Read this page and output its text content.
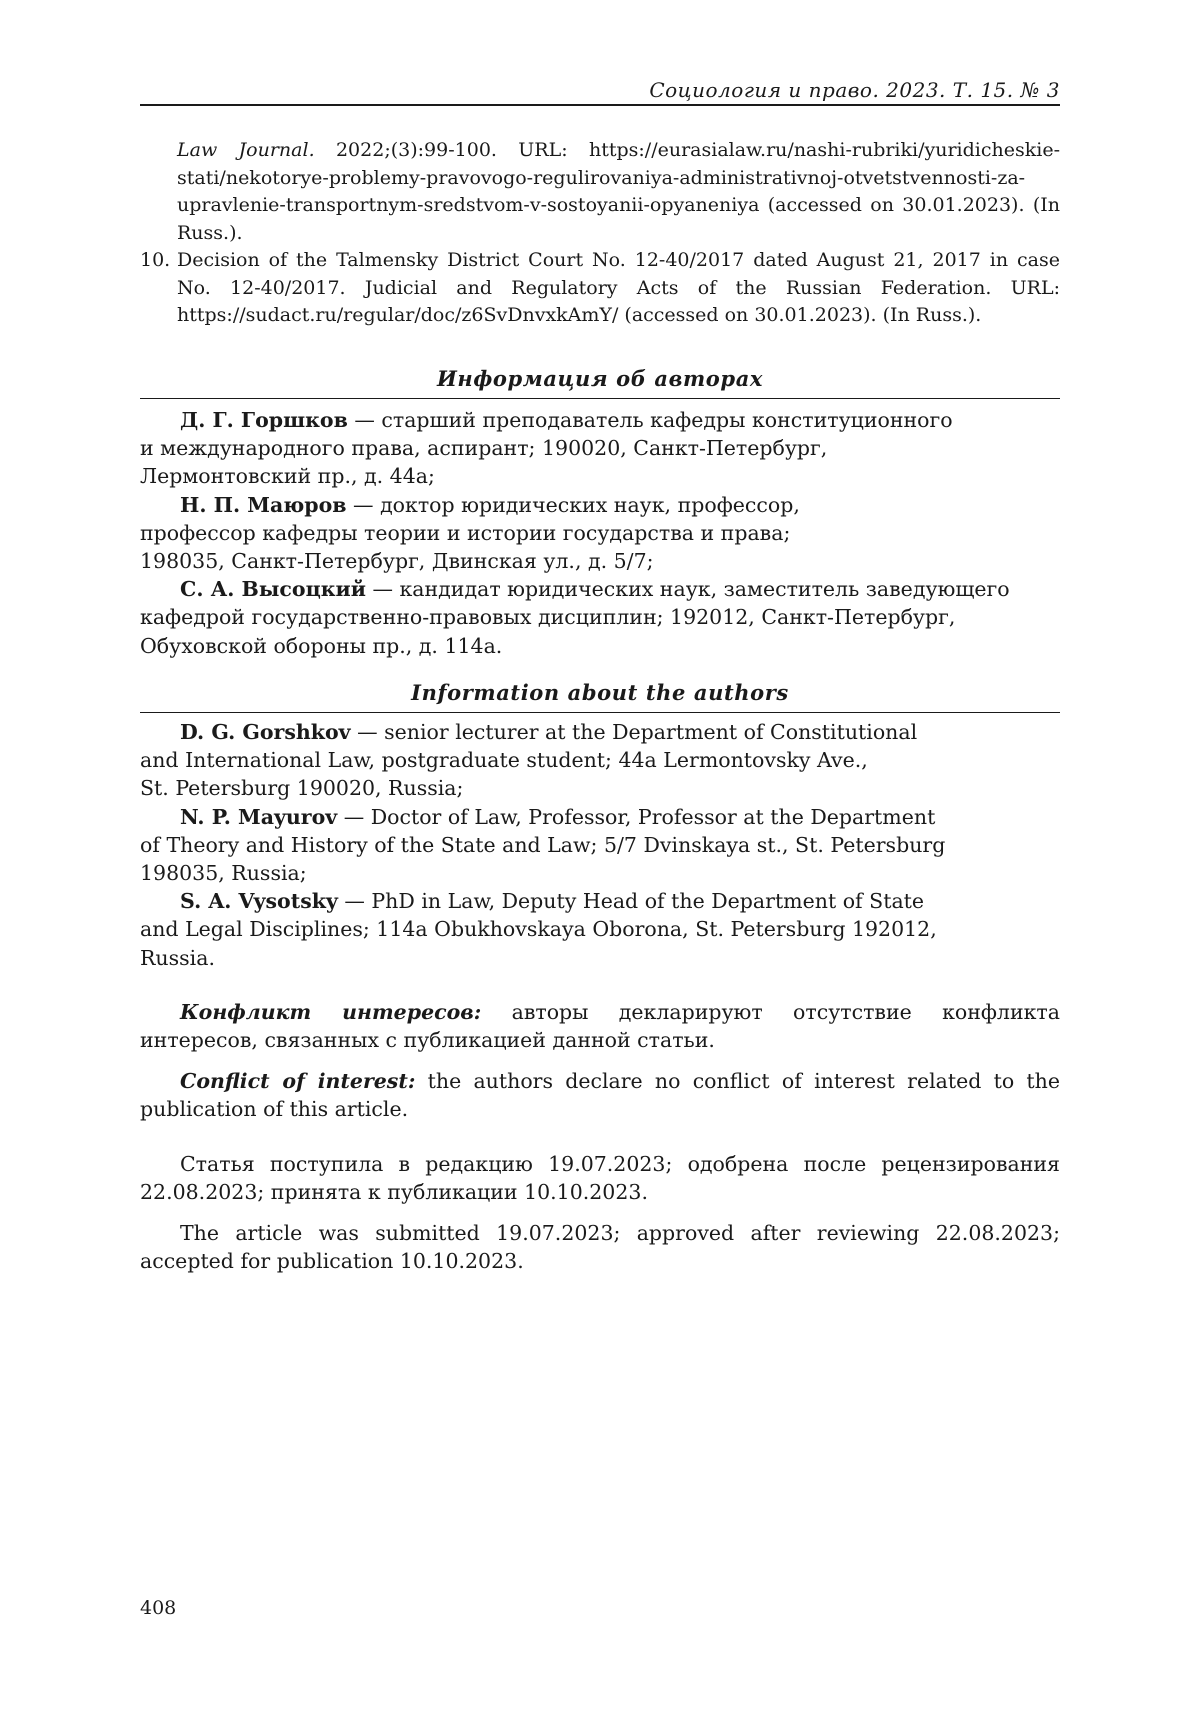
Социология и право. 2023. Т. 15. № 3
Law Journal. 2022;(3):99-100. URL: https://eurasialaw.ru/nashi-rubriki/yuridicheskie-stati/nekotorye-problemy-pravovogo-regulirovaniya-administrativnoj-otvetstvennosti-za-upravlenie-transportnym-sredstvom-v-sostoyanii-opyaneniya (accessed on 30.01.2023). (In Russ.).
10. Decision of the Talmensky District Court No. 12-40/2017 dated August 21, 2017 in case No. 12-40/2017. Judicial and Regulatory Acts of the Russian Federation. URL: https://sudact.ru/regular/doc/z6SvDnvxkAmY/ (accessed on 30.01.2023). (In Russ.).
Информация об авторах

Д. Г. Горшков — старший преподаватель кафедры конституционного

и международного права, аспирант; 190020, Санкт-Петербург,

Лермонтовский пр., д. 44а;

Н. П. Маюров — доктор юридических наук, профессор,

профессор кафедры теории и истории государства и права;

198035, Санкт-Петербург, Двинская ул., д. 5/7;

С. А. Высоцкий — кандидат юридических наук, заместитель заведующего

кафедрой государственно-правовых дисциплин; 192012, Санкт-Петербург,

Обуховской обороны пр., д. 114а.

Information about the authors

D. G. Gorshkov — senior lecturer at the Department of Constitutional

and International Law, postgraduate student; 44a Lermontovsky Ave.,

St. Petersburg 190020, Russia;

N. P. Mayurov — Doctor of Law, Professor, Professor at the Department

of Theory and History of the State and Law; 5/7 Dvinskaya st., St. Petersburg

198035, Russia;

S. A. Vysotsky — PhD in Law, Deputy Head of the Department of State

and Legal Disciplines; 114a Obukhovskaya Oborona, St. Petersburg 192012,

Russia.

Конфликт интересов: авторы декларируют отсутствие конфликта интересов, связанных с публикацией данной статьи.

Conflict of interest: the authors declare no conflict of interest related to the publication of this article.

Статья поступила в редакцию 19.07.2023; одобрена после рецензирования 22.08.2023; принята к публикации 10.10.2023.

The article was submitted 19.07.2023; approved after reviewing 22.08.2023; accepted for publication 10.10.2023.

408
